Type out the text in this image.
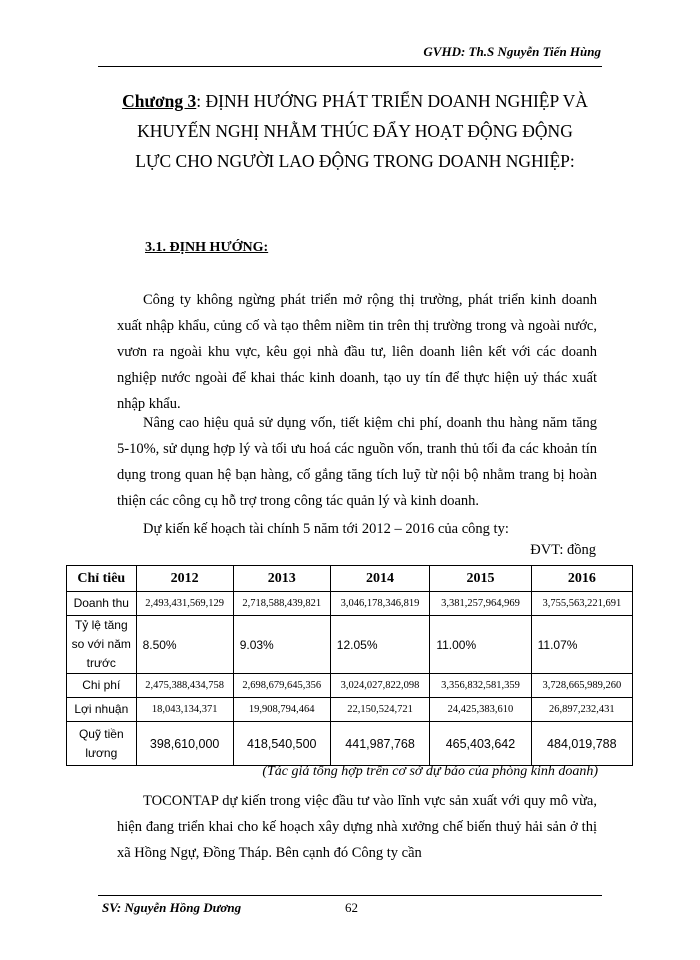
GVHD: Th.S Nguyễn Tiến Hùng
Chương 3: ĐỊNH HƯỚNG PHÁT TRIỂN DOANH NGHIỆP VÀ KHUYẾN NGHỊ NHẰM THÚC ĐẨY HOẠT ĐỘNG ĐỘNG LỰC CHO NGƯỜI LAO ĐỘNG TRONG DOANH NGHIỆP:
3.1. ĐỊNH HƯỚNG:

Công ty không ngừng phát triển mở rộng thị trường, phát triển kinh doanh xuất nhập khẩu, củng cố và tạo thêm niềm tin trên thị trường trong và ngoài nước, vươn ra ngoài khu vực, kêu gọi nhà đầu tư, liên doanh liên kết với các doanh nghiệp nước ngoài để khai thác kinh doanh, tạo uy tín để thực hiện uỷ thác xuất nhập khẩu.

Nâng cao hiệu quả sử dụng vốn, tiết kiệm chi phí, doanh thu hàng năm tăng 5-10%, sử dụng hợp lý và tối ưu hoá các nguồn vốn, tranh thủ tối đa các khoản tín dụng trong quan hệ bạn hàng, cố gắng tăng tích luỹ từ nội bộ nhằm trang bị hoàn thiện các công cụ hỗ trợ trong công tác quản lý và kinh doanh.

Dự kiến kế hoạch tài chính 5 năm tới 2012 – 2016 của công ty:

ĐVT: đồng
Chỉ tiêu	2012	2013	2014	2015	2016
Doanh thu	2,493,431,569,129	2,718,588,439,821	3,046,178,346,819	3,381,257,964,969	3,755,563,221,691
Tỷ lệ tăng so với năm trước	8.50%	9.03%	12.05%	11.00%	11.07%
Chi phí	2,475,388,434,758	2,698,679,645,356	3,024,027,822,098	3,356,832,581,359	3,728,665,989,260
Lợi nhuận	18,043,134,371	19,908,794,464	22,150,524,721	24,425,383,610	26,897,232,431
Quỹ tiền lương	398,610,000	418,540,500	441,987,768	465,403,642	484,019,788
(Tác giả tổng hợp trên cơ sở dự báo của phòng kinh doanh)

TOCONTAP dự kiến trong việc đầu tư vào lĩnh vực sản xuất với quy mô vừa, hiện đang triển khai cho kế hoạch xây dựng nhà xưởng chế biến thuỷ hải sản ở thị xã Hồng Ngự, Đồng Tháp. Bên cạnh đó Công ty cần

SV: Nguyễn Hồng Dương	62
